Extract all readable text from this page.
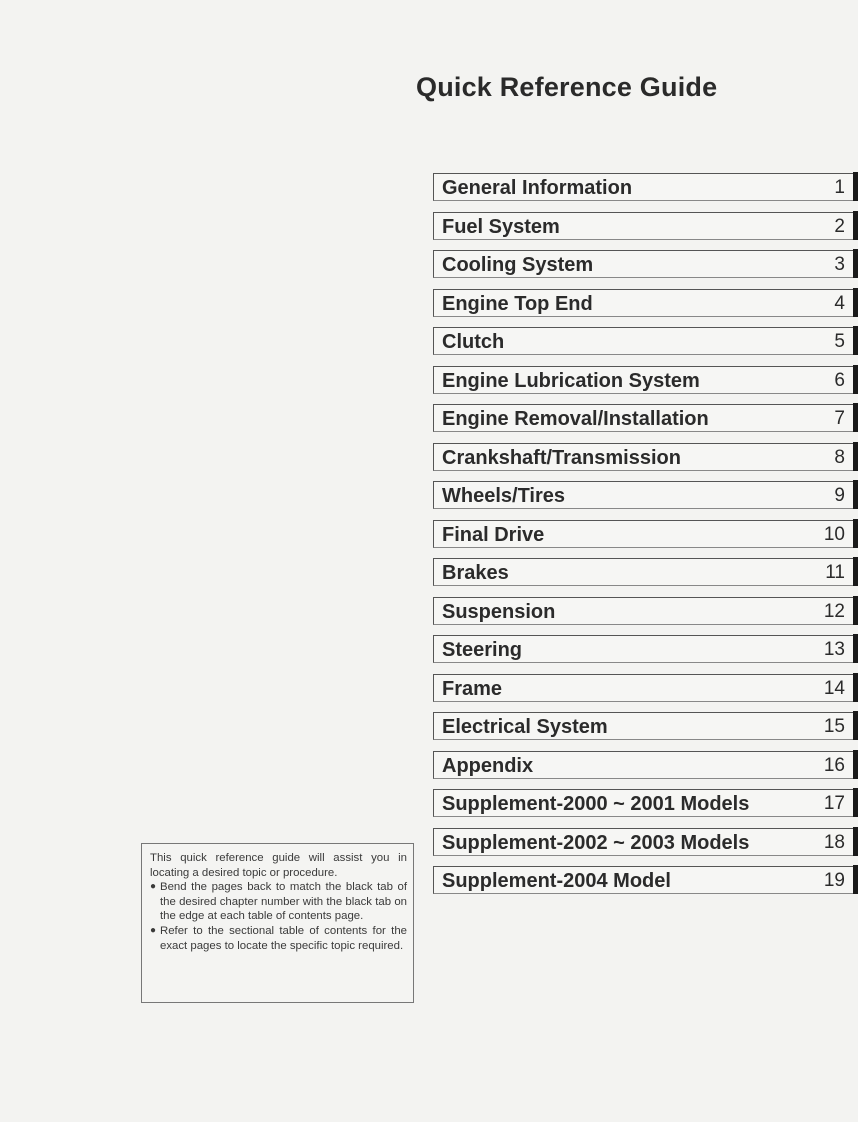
Quick Reference Guide
General Information	1
Fuel System	2
Cooling System	3
Engine Top End	4
Clutch	5
Engine Lubrication System	6
Engine Removal/Installation	7
Crankshaft/Transmission	8
Wheels/Tires	9
Final Drive	10
Brakes	11
Suspension	12
Steering	13
Frame	14
Electrical System	15
Appendix	16
Supplement-2000 ~ 2001 Models	17
Supplement-2002 ~ 2003 Models	18
Supplement-2004 Model	19

This quick reference guide will assist you in locating a desired topic or procedure.

● Bend the pages back to match the black tab of the desired chapter number with the black tab on the edge at each table of contents page.

● Refer to the sectional table of contents for the exact pages to locate the specific topic required.
